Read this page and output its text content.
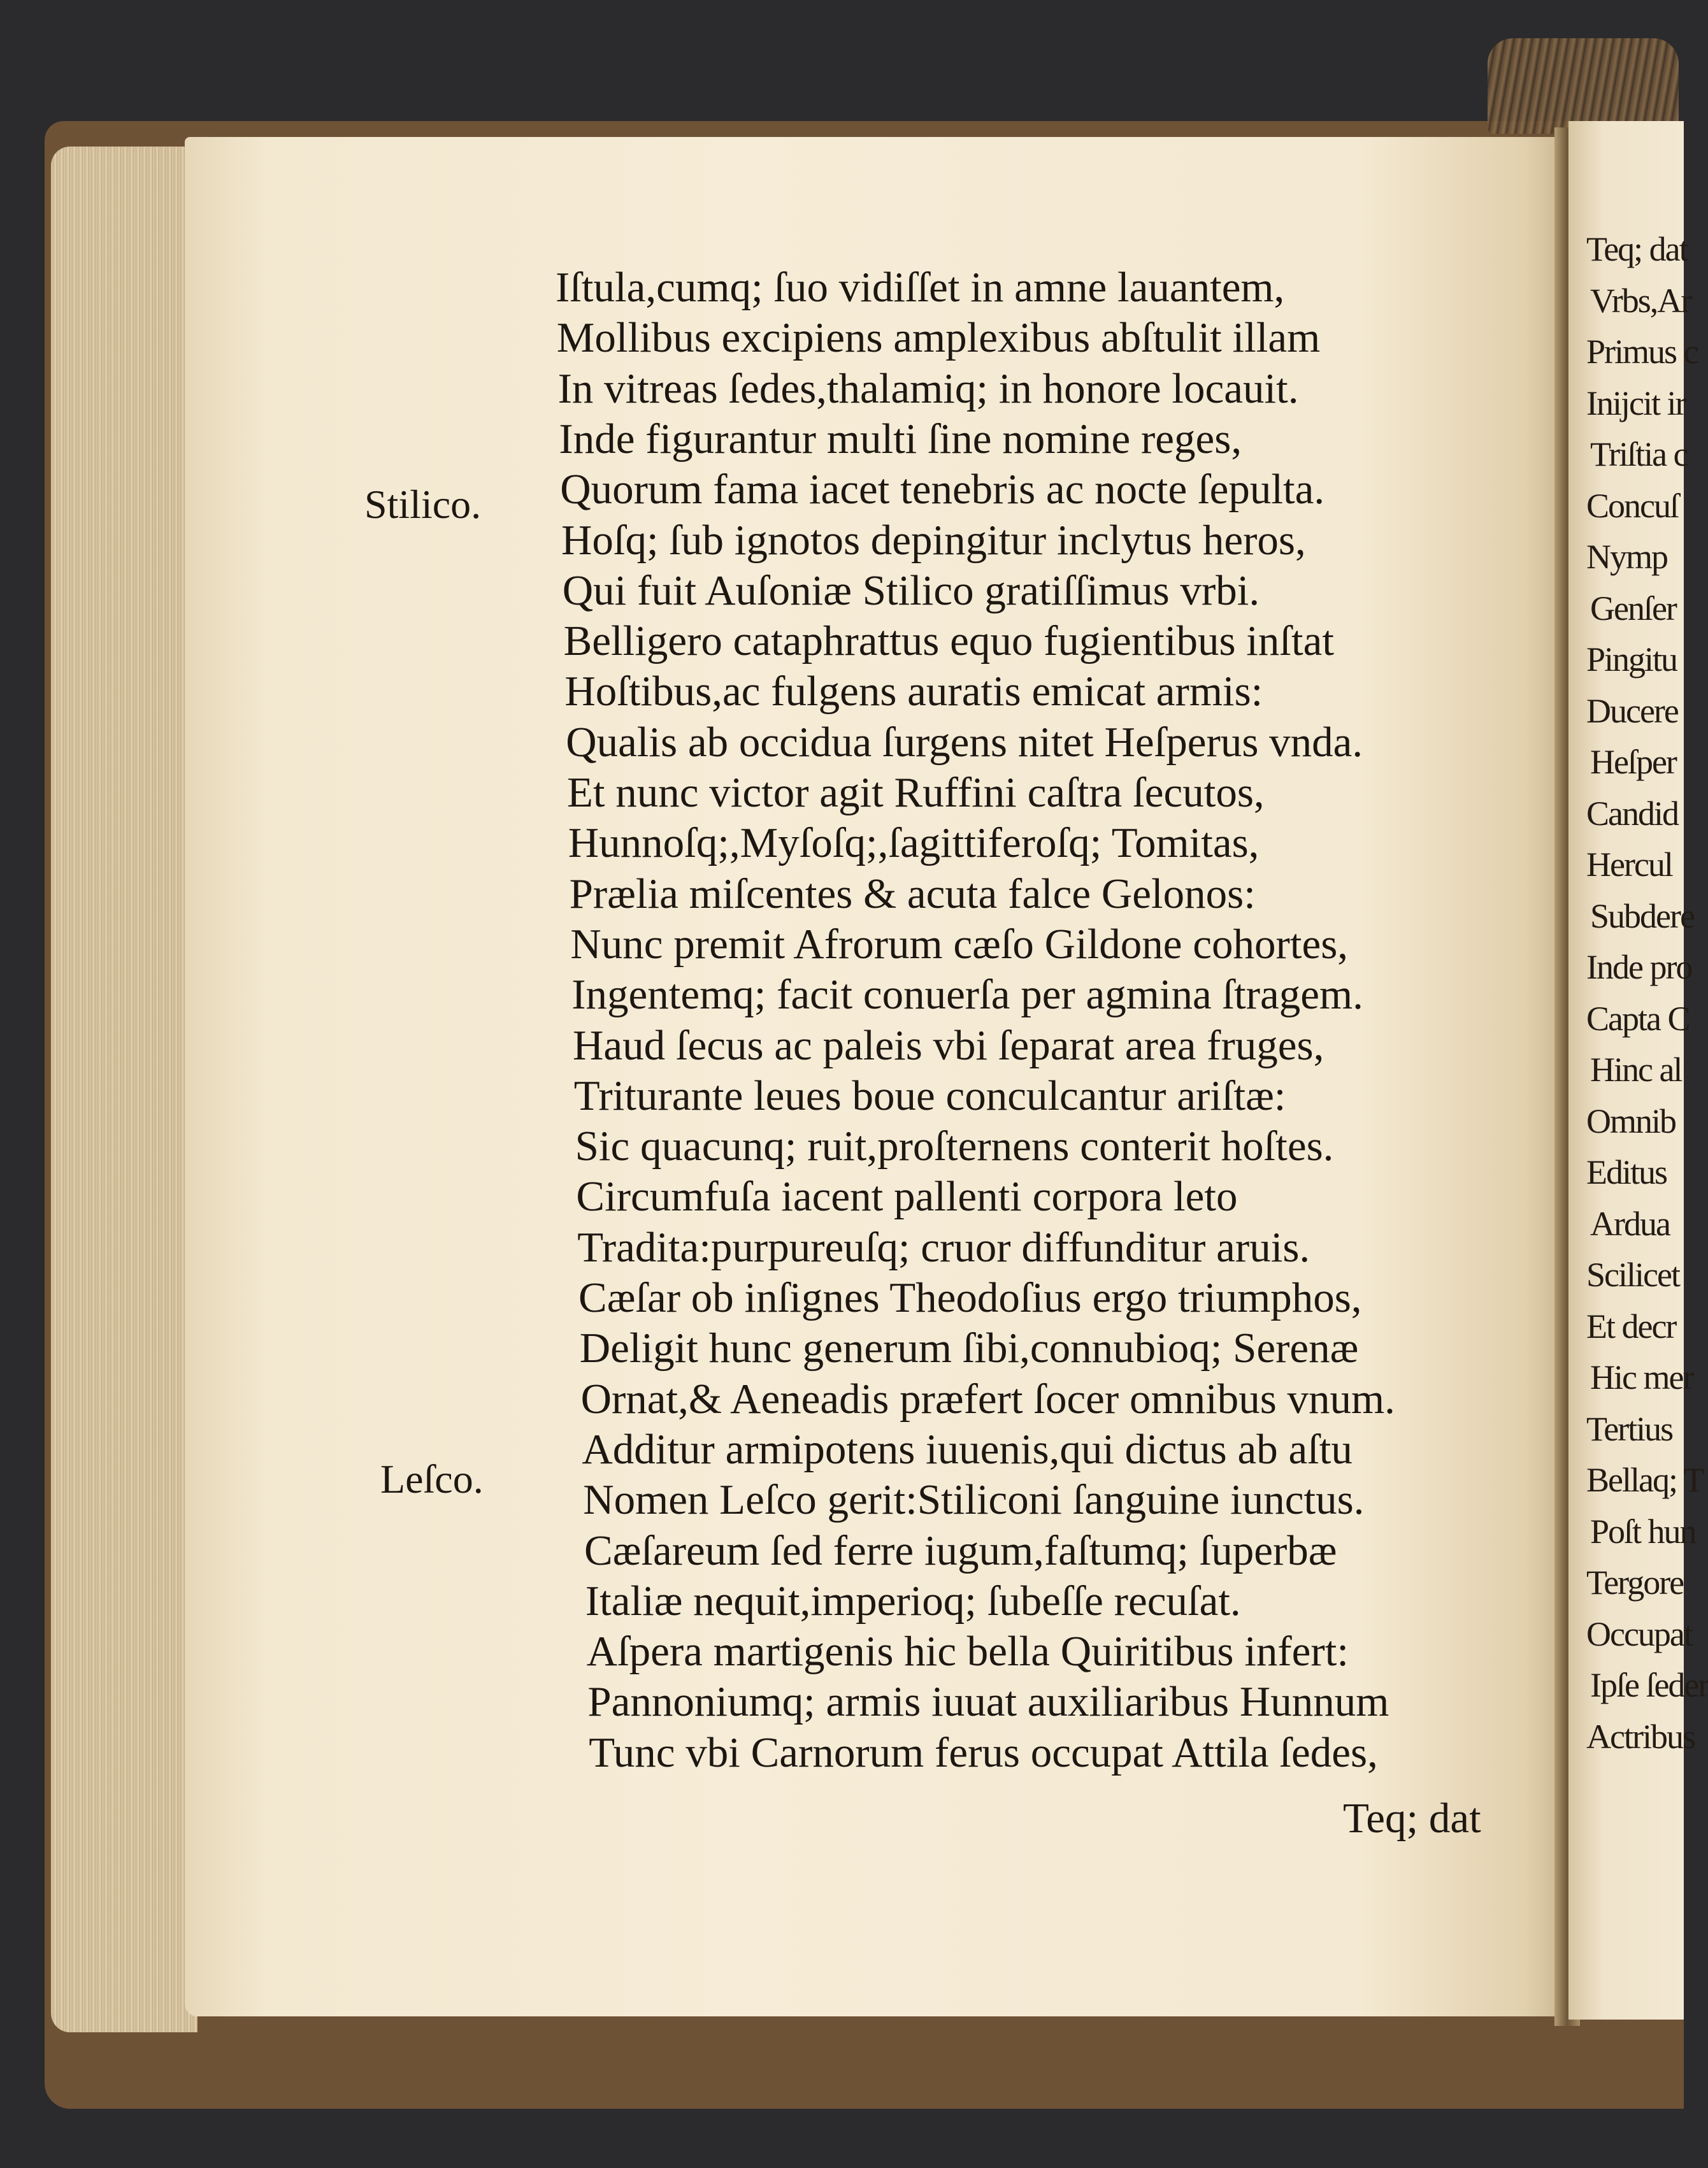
Iſtula,cumq; ſuo vidiſſet in amne lauantem,
Mollibus excipiens amplexibus abſtulit illam
In vitreas ſedes,thalamiq; in honore locauit.
Inde figurantur multi ſine nomine reges,
Quorum fama iacet tenebris ac nocte ſepulta.
Hoſq; ſub ignotos depingitur inclytus heros,
Qui fuit Auſoniæ Stilico gratiſſimus vrbi.
Belligero cataphrattus equo fugientibus inſtat
Hoſtibus,ac fulgens auratis emicat armis:
Qualis ab occidua ſurgens nitet Heſperus vnda.
Et nunc victor agit Ruffini caſtra ſecutos,
Hunnoſq;,Myſoſq;,ſagittiferoſq; Tomitas,
Prælia miſcentes & acuta falce Gelonos:
Nunc premit Afrorum cæſo Gildone cohortes,
Ingentemq; facit conuerſa per agmina ſtragem.
Haud ſecus ac paleis vbi ſeparat area fruges,
Triturante leues boue conculcantur ariſtæ:
Sic quacunq; ruit,proſternens conterit hoſtes.
Circumfuſa iacent pallenti corpora leto
Tradita:purpureuſq; cruor diffunditur aruis.
Cæſar ob inſignes Theodoſius ergo triumphos,
Deligit hunc generum ſibi,connubioq; Serenæ
Ornat,& Aeneadis præfert ſocer omnibus vnum.
Additur armipotens iuuenis,qui dictus ab aſtu
Nomen Leſco gerit:Stiliconi ſanguine iunctus.
Cæſareum ſed ferre iugum,faſtumq; ſuperbæ
Italiæ nequit,imperioq; ſubeſſe recuſat.
Aſpera martigenis hic bella Quiritibus infert:
Pannoniumq; armis iuuat auxiliaribus Hunnum
Tunc vbi Carnorum ferus occupat Attila ſedes,
Stilico.
Leſco.
Teq; dat
Teq; dat
Vrbs,Ar
Primus c
Inijcit ir
Triſtia c
Concuſ
Nymp
Genſer
Pingitu
Ducere
Heſper
Candid
Hercul
Subdere
Inde pro
Capta C
Hinc al
Omnib
Editus
Ardua
Scilicet
Et decr
Hic mer
Tertius
Bellaq; T
Poſt hun
Tergore
Occupat
Ipſe ſeder
Actribus
